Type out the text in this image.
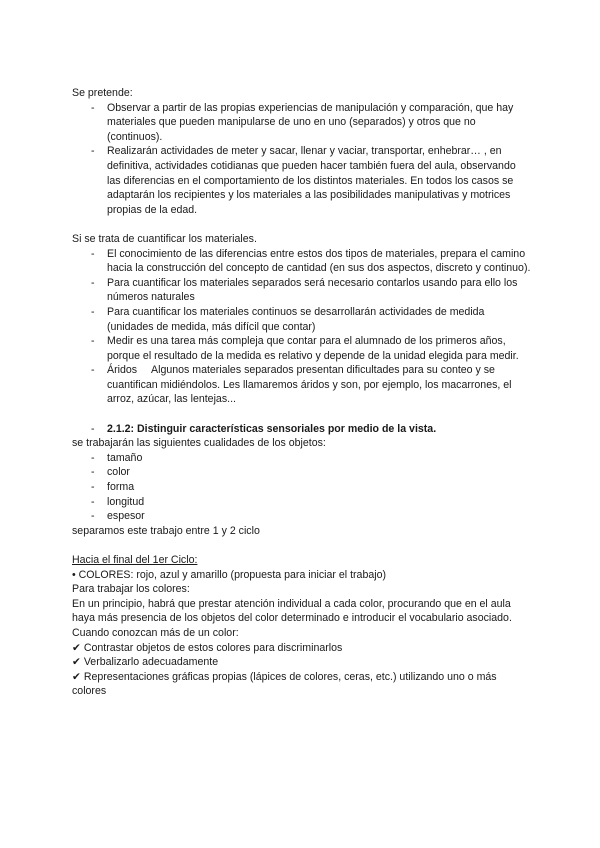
Se pretende:

- Observar a partir de las propias experiencias de manipulación y comparación, que hay materiales que pueden manipularse de uno en uno (separados) y otros que no (continuos).
- Realizarán actividades de meter y sacar, llenar y vaciar, transportar, enhebrar… , en definitiva, actividades cotidianas que pueden hacer también fuera del aula, observando las diferencias en el comportamiento de los distintos materiales. En todos los casos se adaptarán los recipientes y los materiales a las posibilidades manipulativas y motrices propias de la edad.

Si se trata de cuantificar los materiales.

- El conocimiento de las diferencias entre estos dos tipos de materiales, prepara el camino hacia la construcción del concepto de cantidad (en sus dos aspectos, discreto y continuo).
- Para cuantificar los materiales separados será necesario contarlos usando para ello los números naturales
- Para cuantificar los materiales continuos se desarrollarán actividades de medida (unidades de medida, más difícil que contar)
- Medir es una tarea más compleja que contar para el alumnado de los primeros años, porque el resultado de la medida es relativo y depende de la unidad elegida para medir.
- Áridos Algunos materiales separados presentan dificultades para su conteo y se cuantifican midiéndolos. Les llamaremos áridos y son, por ejemplo, los macarrones, el arroz, azúcar, las lentejas...
- 2.1.2: Distinguir características sensoriales por medio de la vista.

se trabajarán las siguientes cualidades de los objetos:

- tamaño
- color
- forma
- longitud
- espesor

separamos este trabajo entre 1 y 2 ciclo

Hacia el final del 1er Ciclo:

• COLORES: rojo, azul y amarillo (propuesta para iniciar el trabajo)

Para trabajar los colores:

En un principio, habrá que prestar atención individual a cada color, procurando que en el aula haya más presencia de los objetos del color determinado e introducir el vocabulario asociado.

Cuando conozcan más de un color:

✔ Contrastar objetos de estos colores para discriminarlos

✔ Verbalizarlo adecuadamente

✔ Representaciones gráficas propias (lápices de colores, ceras, etc.) utilizando uno o más colores
